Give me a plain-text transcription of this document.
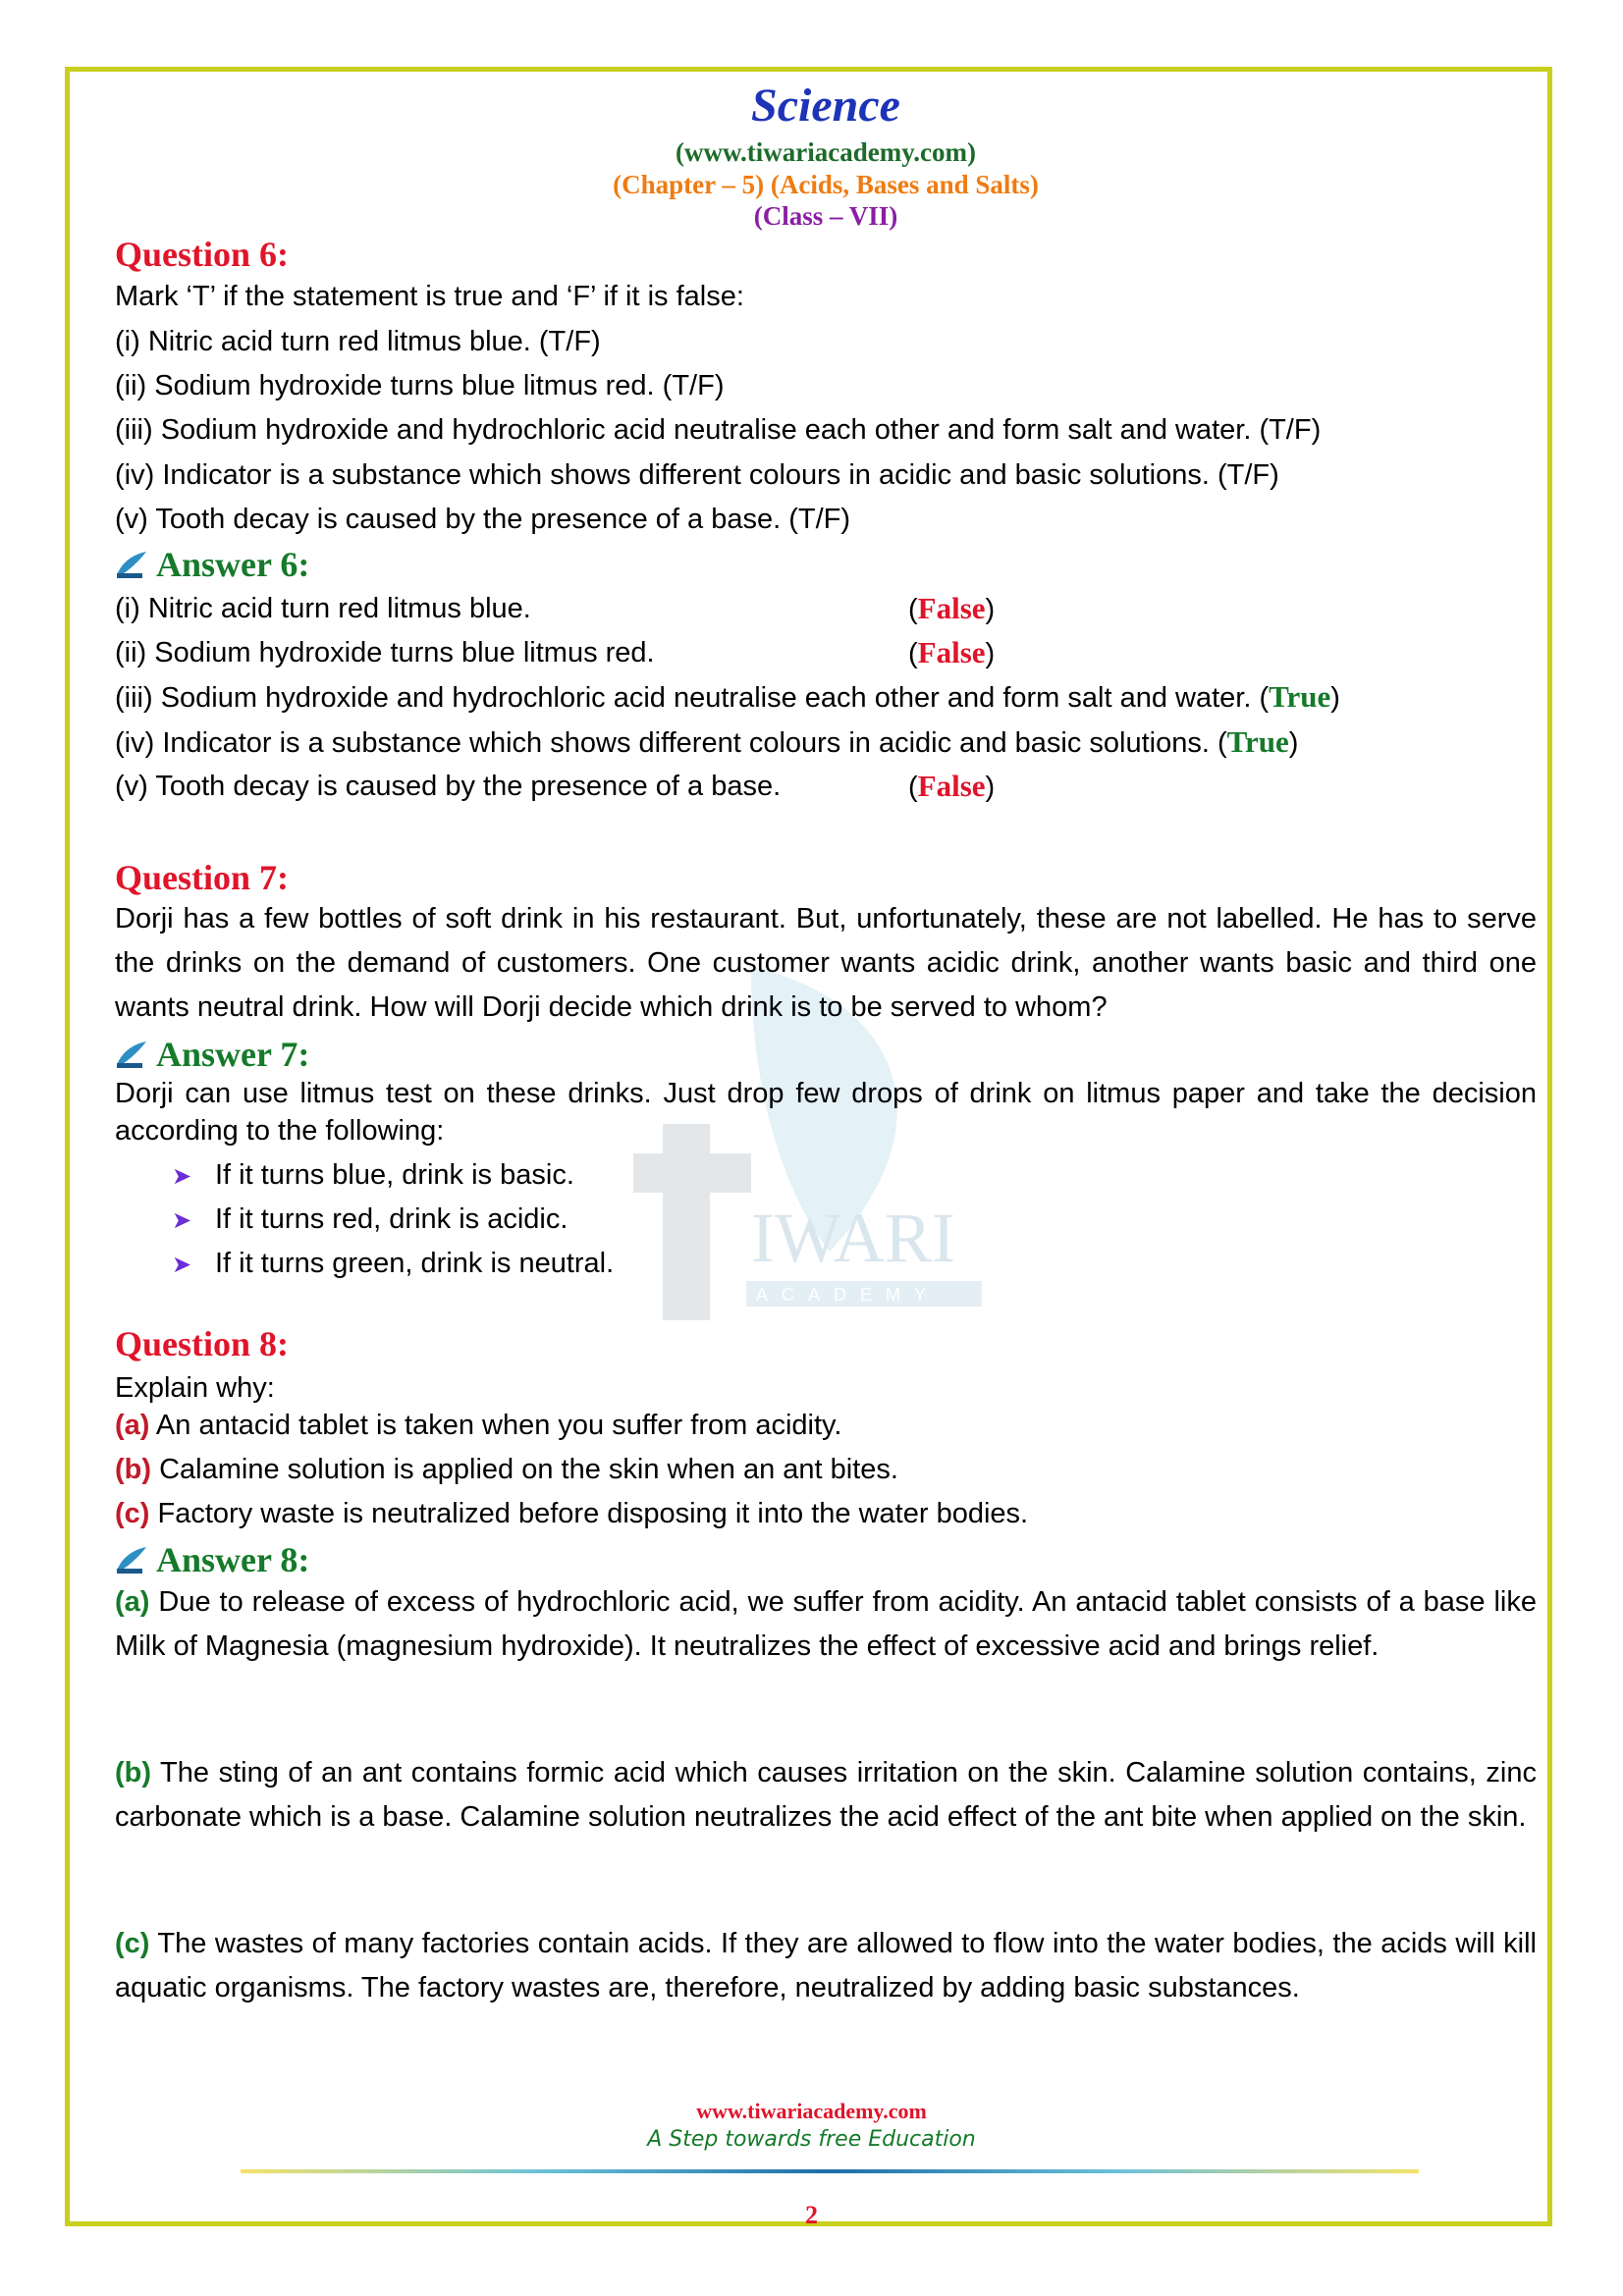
IWARI
ACADEMY
Science
(www.tiwariacademy.com)
(Chapter – 5) (Acids, Bases and Salts)
(Class – VII)
Question 6:
Mark ‘T’ if the statement is true and ‘F’ if it is false:
(i) Nitric acid turn red litmus blue. (T/F)
(ii) Sodium hydroxide turns blue litmus red. (T/F)
(iii) Sodium hydroxide and hydrochloric acid neutralise each other and form salt and water. (T/F)
(iv) Indicator is a substance which shows different colours in acidic and basic solutions. (T/F)
(v) Tooth decay is caused by the presence of a base. (T/F)
Answer 6:
(i) Nitric acid turn red litmus blue.	(False)
(ii) Sodium hydroxide turns blue litmus red.	(False)
(iii) Sodium hydroxide and hydrochloric acid neutralise each other and form salt and water. (True)
(iv) Indicator is a substance which shows different colours in acidic and basic solutions. (True)
(v) Tooth decay is caused by the presence of a base.	(False)
Question 7:
Dorji has a few bottles of soft drink in his restaurant. But, unfortunately, these are not labelled. He has to serve the drinks on the demand of customers. One customer wants acidic drink, another wants basic and third one wants neutral drink. How will Dorji decide which drink is to be served to whom?
Answer 7:
Dorji can use litmus test on these drinks. Just drop few drops of drink on litmus paper and take the decision according to the following:
➤ If it turns blue, drink is basic.
➤ If it turns red, drink is acidic.
➤ If it turns green, drink is neutral.
Question 8:
Explain why:
(a) An antacid tablet is taken when you suffer from acidity.
(b) Calamine solution is applied on the skin when an ant bites.
(c) Factory waste is neutralized before disposing it into the water bodies.
Answer 8:
(a) Due to release of excess of hydrochloric acid, we suffer from acidity. An antacid tablet consists of a base like Milk of Magnesia (magnesium hydroxide). It neutralizes the effect of excessive acid and brings relief.
(b) The sting of an ant contains formic acid which causes irritation on the skin. Calamine solution contains, zinc carbonate which is a base. Calamine solution neutralizes the acid effect of the ant bite when applied on the skin.
(c) The wastes of many factories contain acids. If they are allowed to flow into the water bodies, the acids will kill aquatic organisms. The factory wastes are, therefore, neutralized by adding basic substances.
www.tiwariacademy.com
A Step towards free Education
2
